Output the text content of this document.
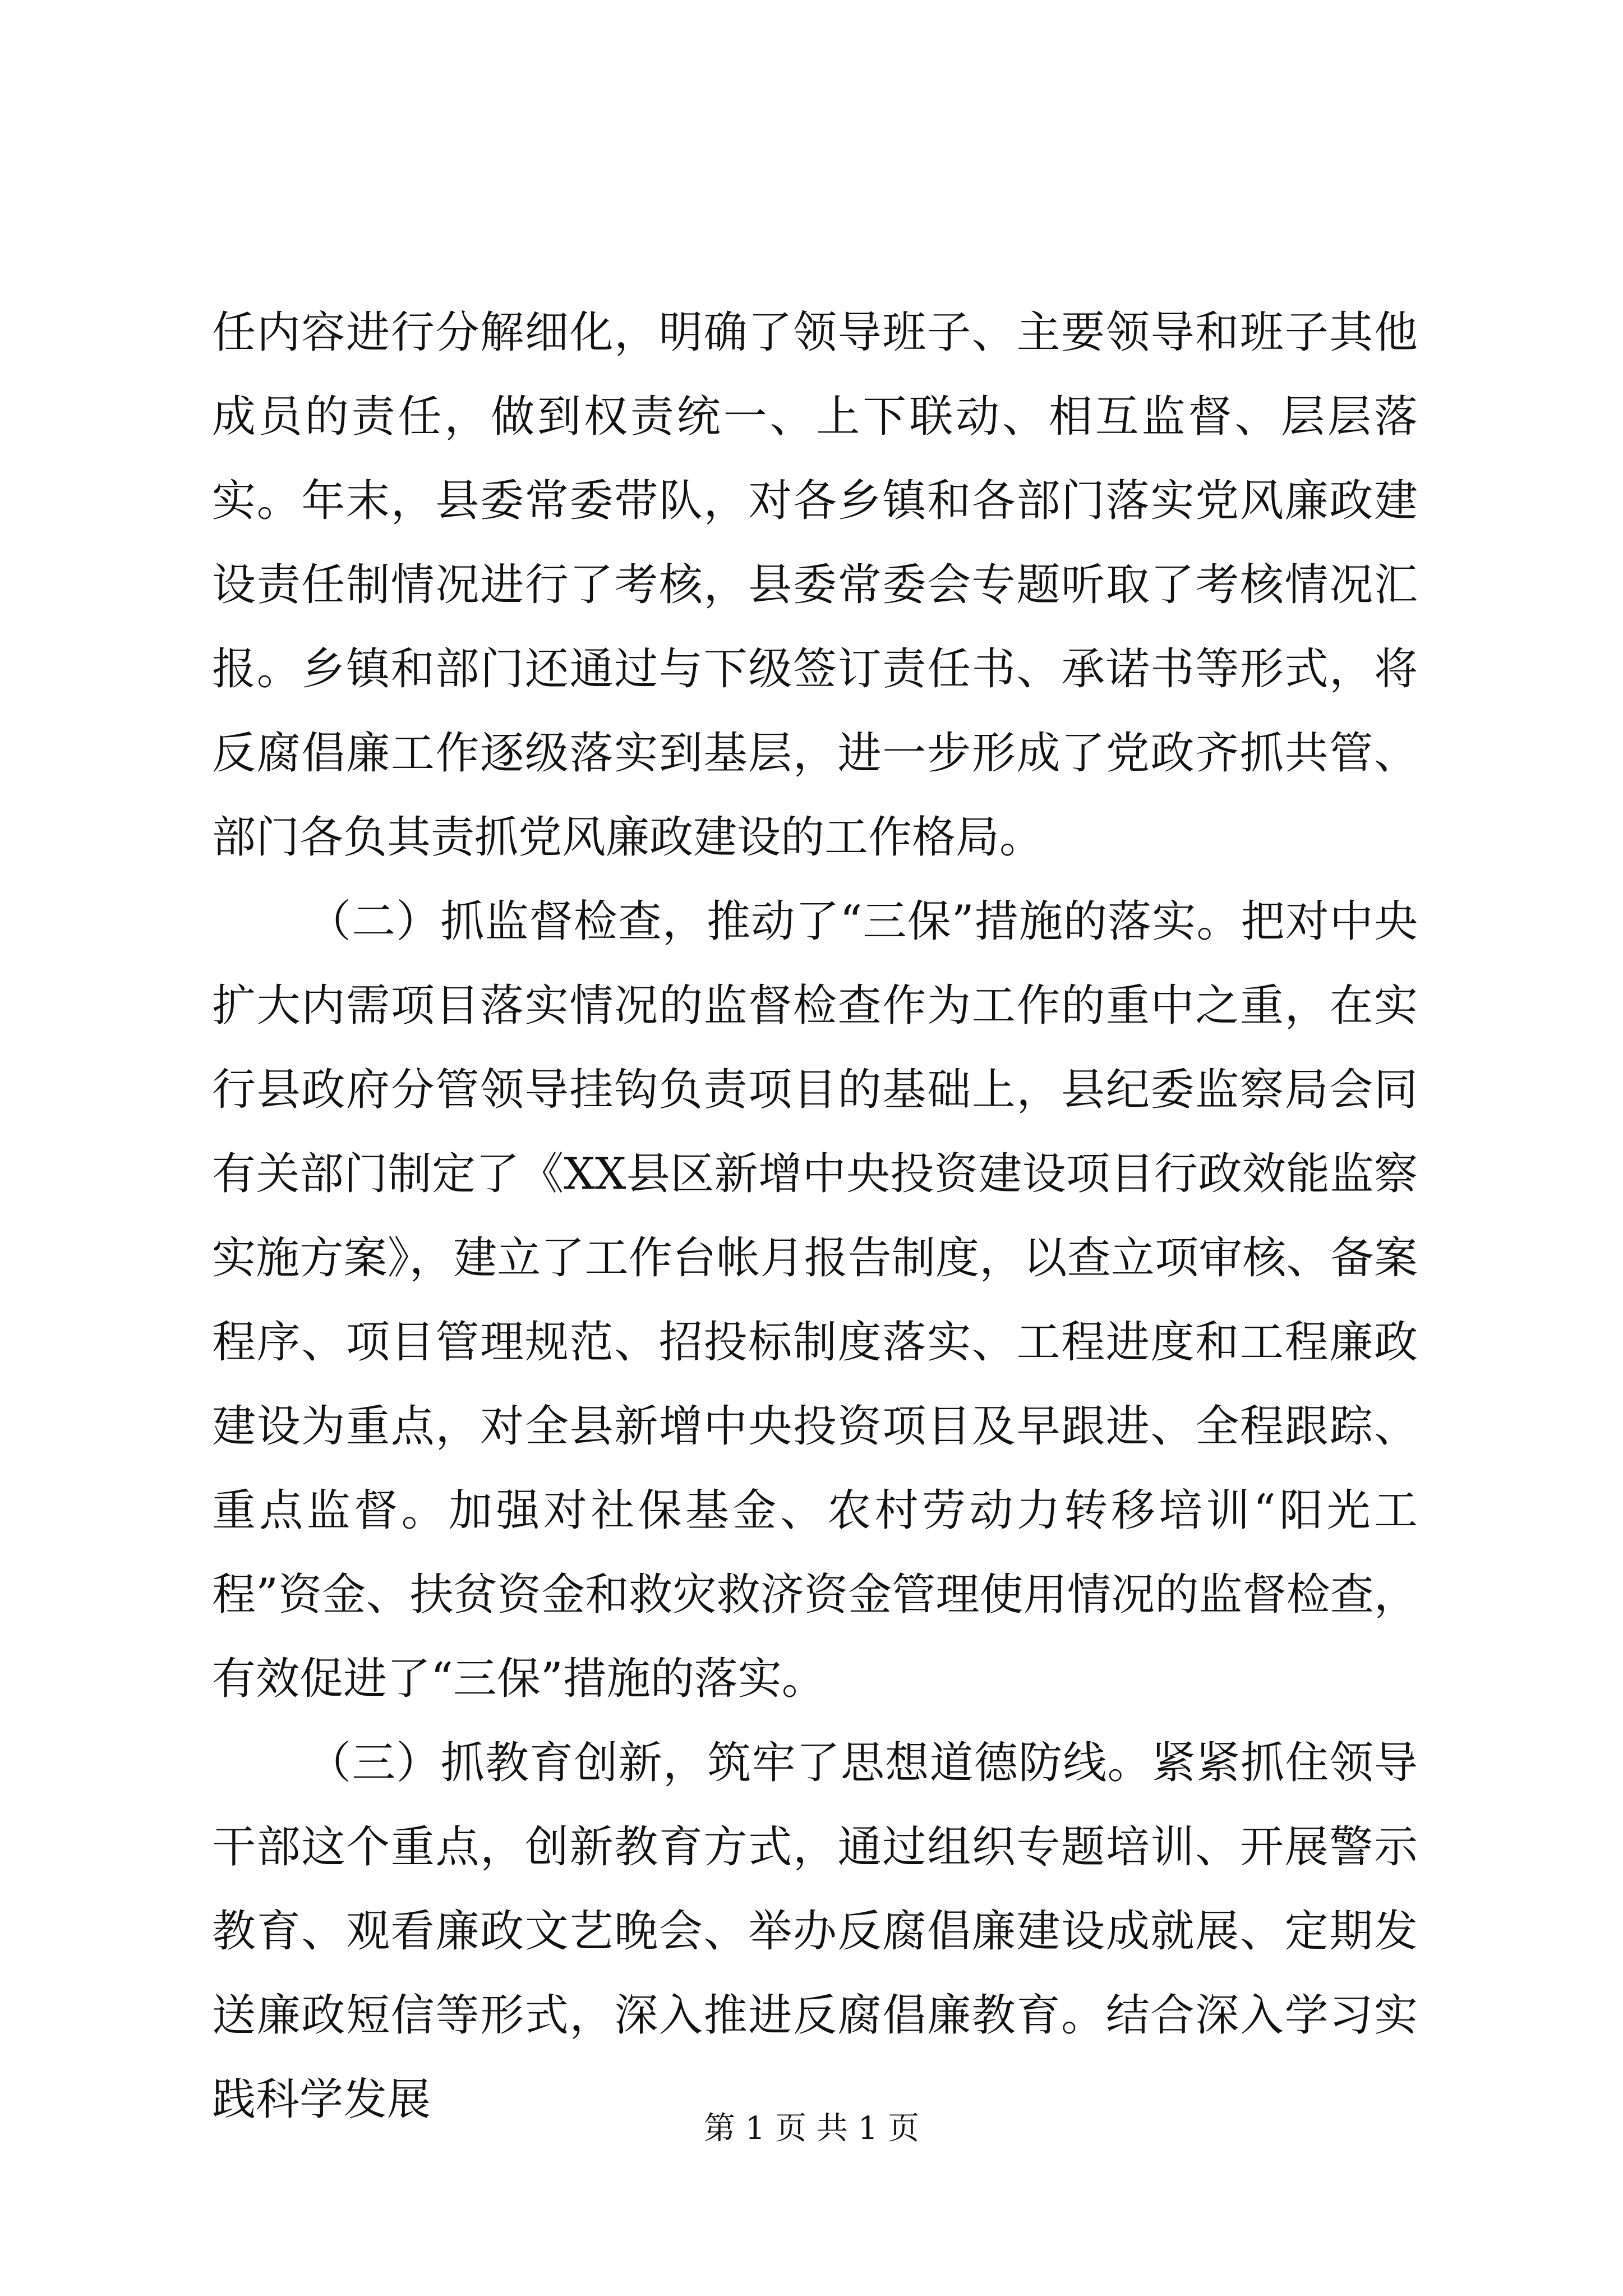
任内容进行分解细化，明确了领导班子、主要领导和班子其他成员的责任，做到权责统一、上下联动、相互监督、层层落实。年末，县委常委带队，对各乡镇和各部门落实党风廉政建设责任制情况进行了考核，县委常委会专题听取了考核情况汇报。乡镇和部门还通过与下级签订责任书、承诺书等形式，将反腐倡廉工作逐级落实到基层，进一步形成了党政齐抓共管、部门各负其责抓党风廉政建设的工作格局。

（二）抓监督检查，推动了“三保”措施的落实。把对中央扩大内需项目落实情况的监督检查作为工作的重中之重，在实行县政府分管领导挂钩负责项目的基础上，县纪委监察局会同有关部门制定了《XX县区新增中央投资建设项目行政效能监察实施方案》，建立了工作台帐月报告制度，以查立项审核、备案程序、项目管理规范、招投标制度落实、工程进度和工程廉政建设为重点，对全县新增中央投资项目及早跟进、全程跟踪、重点监督。加强对社保基金、农村劳动力转移培训“阳光工程”资金、扶贫资金和救灾救济资金管理使用情况的监督检查，有效促进了“三保”措施的落实。

（三）抓教育创新，筑牢了思想道德防线。紧紧抓住领导干部这个重点，创新教育方式，通过组织专题培训、开展警示教育、观看廉政文艺晚会、举办反腐倡廉建设成就展、定期发送廉政短信等形式，深入推进反腐倡廉教育。结合深入学习实践科学发展

第 1 页 共 1 页
